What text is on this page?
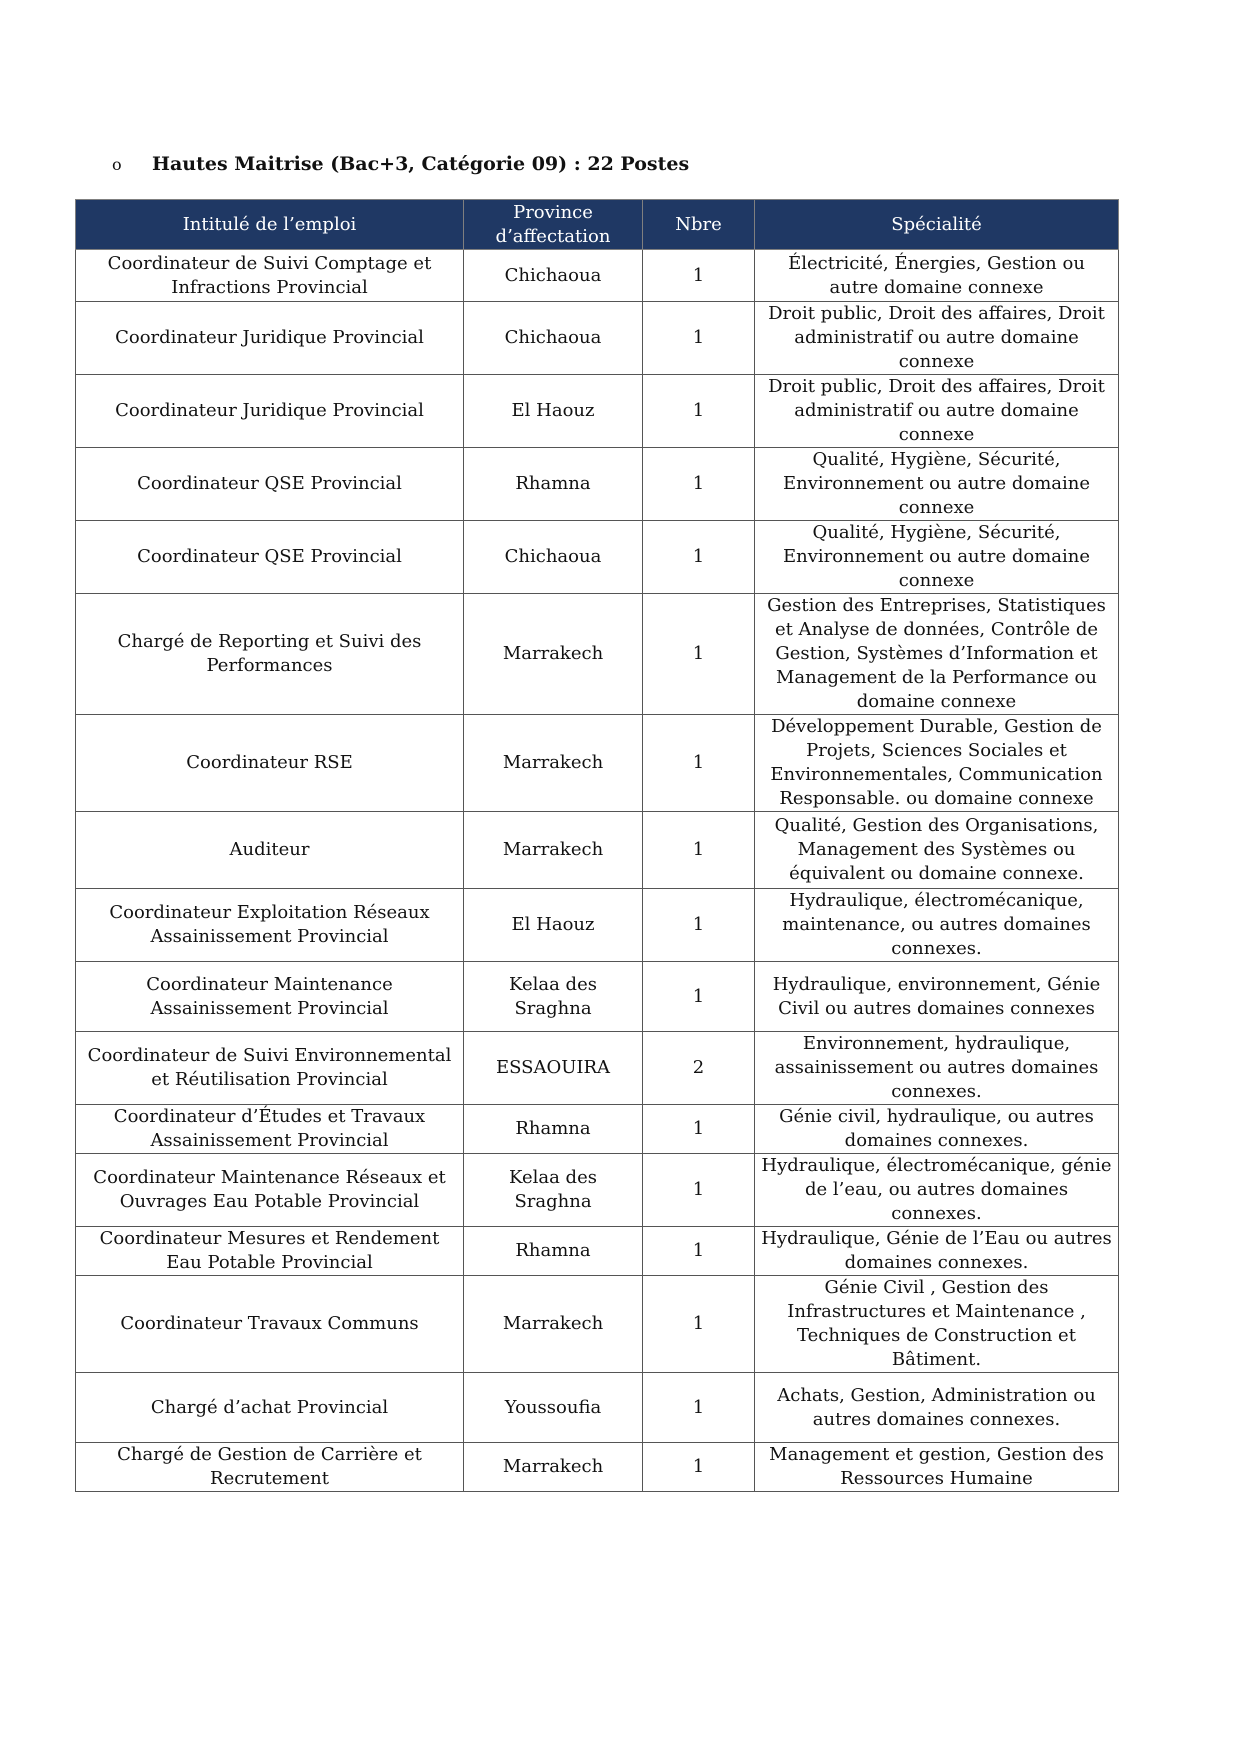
o	Hautes Maitrise (Bac+3, Catégorie 09) : 22 Postes
Intitulé de l’emploi	Province d’affectation	Nbre	Spécialité
Coordinateur de Suivi Comptage et Infractions Provincial	Chichaoua	1	Électricité, Énergies, Gestion ou autre domaine connexe
Coordinateur Juridique Provincial	Chichaoua	1	Droit public, Droit des affaires, Droit administratif ou autre domaine connexe
Coordinateur Juridique Provincial	El Haouz	1	Droit public, Droit des affaires, Droit administratif ou autre domaine connexe
Coordinateur QSE Provincial	Rhamna	1	Qualité, Hygiène, Sécurité, Environnement ou autre domaine connexe
Coordinateur QSE Provincial	Chichaoua	1	Qualité, Hygiène, Sécurité, Environnement ou autre domaine connexe
Chargé de Reporting et Suivi des Performances	Marrakech	1	Gestion des Entreprises, Statistiques et Analyse de données, Contrôle de Gestion, Systèmes d’Information et Management de la Performance ou domaine connexe
Coordinateur RSE	Marrakech	1	Développement Durable, Gestion de Projets, Sciences Sociales et Environnementales, Communication Responsable. ou domaine connexe
Auditeur	Marrakech	1	Qualité, Gestion des Organisations, Management des Systèmes ou équivalent ou domaine connexe.
Coordinateur Exploitation Réseaux Assainissement Provincial	El Haouz	1	Hydraulique, électromécanique, maintenance, ou autres domaines connexes.
Coordinateur Maintenance Assainissement Provincial	Kelaa des Sraghna	1	Hydraulique, environnement, Génie Civil ou autres domaines connexes
Coordinateur de Suivi Environnemental et Réutilisation Provincial	ESSAOUIRA	2	Environnement, hydraulique, assainissement ou autres domaines connexes.
Coordinateur d’Études et Travaux Assainissement Provincial	Rhamna	1	Génie civil, hydraulique, ou autres domaines connexes.
Coordinateur Maintenance Réseaux et Ouvrages Eau Potable Provincial	Kelaa des Sraghna	1	Hydraulique, électromécanique, génie de l’eau, ou autres domaines connexes.
Coordinateur Mesures et Rendement Eau Potable Provincial	Rhamna	1	Hydraulique, Génie de l’Eau ou autres domaines connexes.
Coordinateur Travaux Communs	Marrakech	1	Génie Civil , Gestion des Infrastructures et Maintenance , Techniques de Construction et Bâtiment.
Chargé d’achat Provincial	Youssoufia	1	Achats, Gestion, Administration ou autres domaines connexes.
Chargé de Gestion de Carrière et Recrutement	Marrakech	1	Management et gestion, Gestion des Ressources Humaine
